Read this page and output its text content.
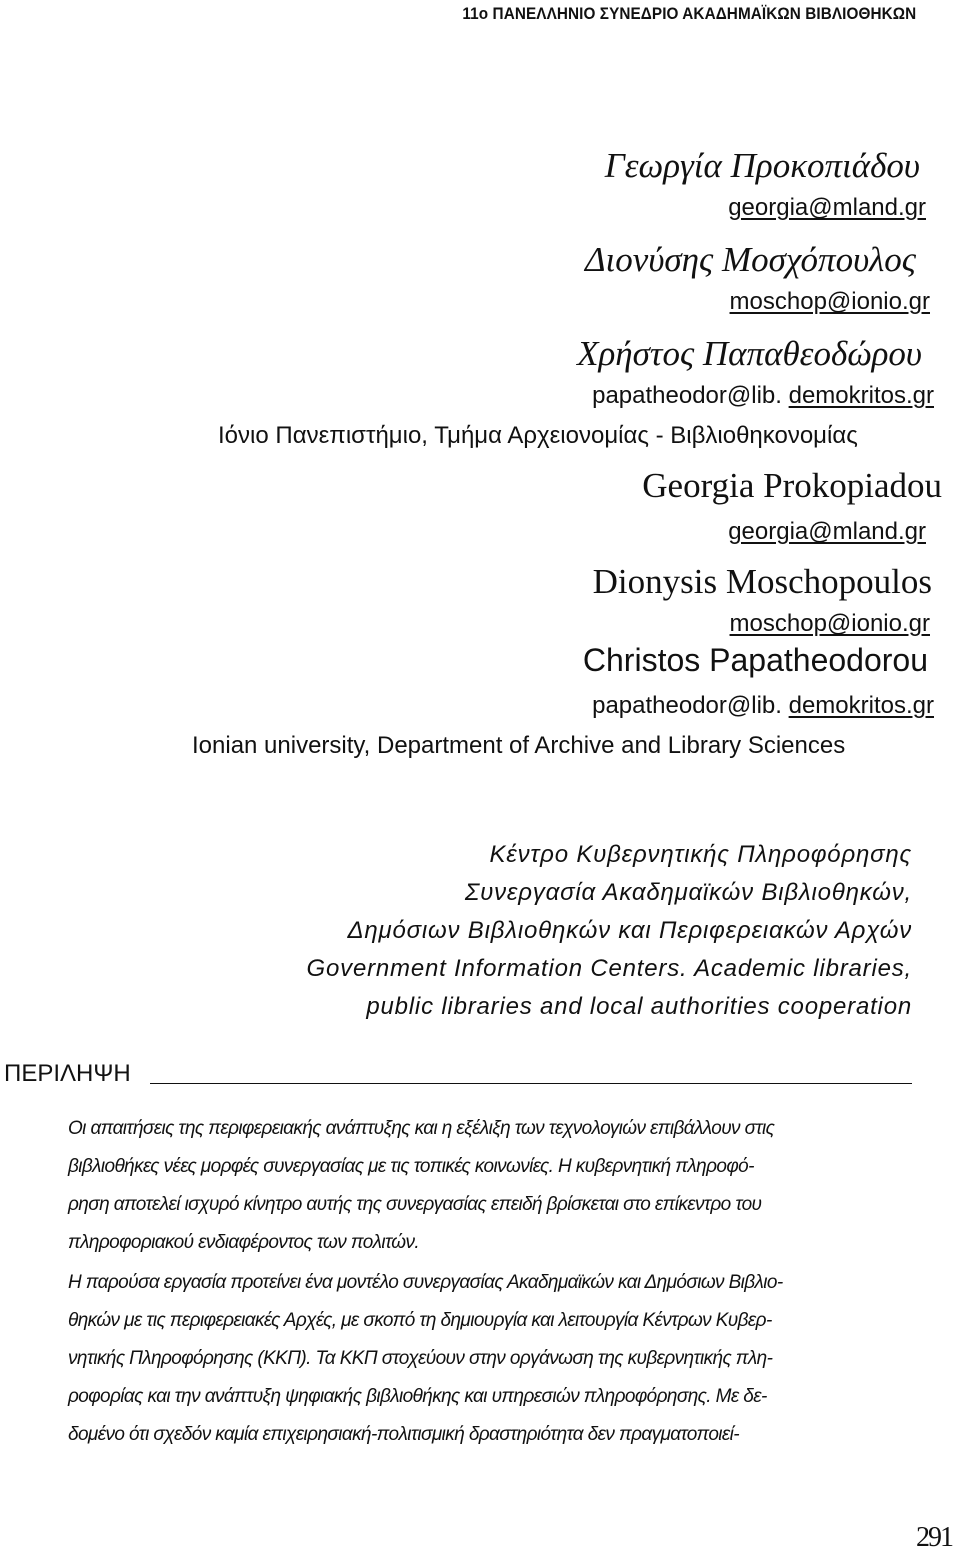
11ο ΠΑΝΕΛΛΗΝΙΟ ΣΥΝΕΔΡΙΟ ΑΚΑΔΗΜΑΪΚΩΝ ΒΙΒΛΙΟΘΗΚΩΝ
Γεωργία Προκοπιάδου
georgia@mland.gr
Διονύσης Μοσχόπουλος
moschop@ionio.gr
Χρήστος Παπαθεοδώρου
papatheodor@lib. demokritos.gr
Ιόνιο Πανεπιστήμιο, Τμήμα Αρχειονομίας - Βιβλιοθηκονομίας
Georgia Prokopiadou
georgia@mland.gr
Dionysis Moschopoulos
moschop@ionio.gr
Christos Papatheodorou
papatheodor@lib. demokritos.gr
Ionian university, Department of Archive and Library Sciences
Κέντρο Κυβερνητικής Πληροφόρησης
Συνεργασία Ακαδημαϊκών Βιβλιοθηκών,
Δημόσιων Βιβλιοθηκών και Περιφερειακών Αρχών
Government Information Centers. Academic libraries,
public libraries and local authorities cooperation
ΠΕΡΙΛΗΨΗ
Οι απαιτήσεις της περιφερειακής ανάπτυξης και η εξέλιξη των τεχνολογιών επιβάλλουν στις
βιβλιοθήκες νέες μορφές συνεργασίας με τις τοπικές κοινωνίες. Η κυβερνητική πληροφό-
ρηση αποτελεί ισχυρό κίνητρο αυτής της συνεργασίας επειδή βρίσκεται στο επίκεντρο του
πληροφοριακού ενδιαφέροντος των πολιτών.
Η παρούσα εργασία προτείνει ένα μοντέλο συνεργασίας Ακαδημαϊκών και Δημόσιων Βιβλιο-
θηκών με τις περιφερειακές Αρχές, με σκοπό τη δημιουργία και λειτουργία Κέντρων Κυβερ-
νητικής Πληροφόρησης (ΚΚΠ). Τα ΚΚΠ στοχεύουν στην οργάνωση της κυβερνητικής πλη-
ροφορίας και την ανάπτυξη ψηφιακής βιβλιοθήκης και υπηρεσιών πληροφόρησης. Με δε-
δομένο ότι σχεδόν καμία επιχειρησιακή-πολιτισμική δραστηριότητα δεν πραγματοποιεί-
291
